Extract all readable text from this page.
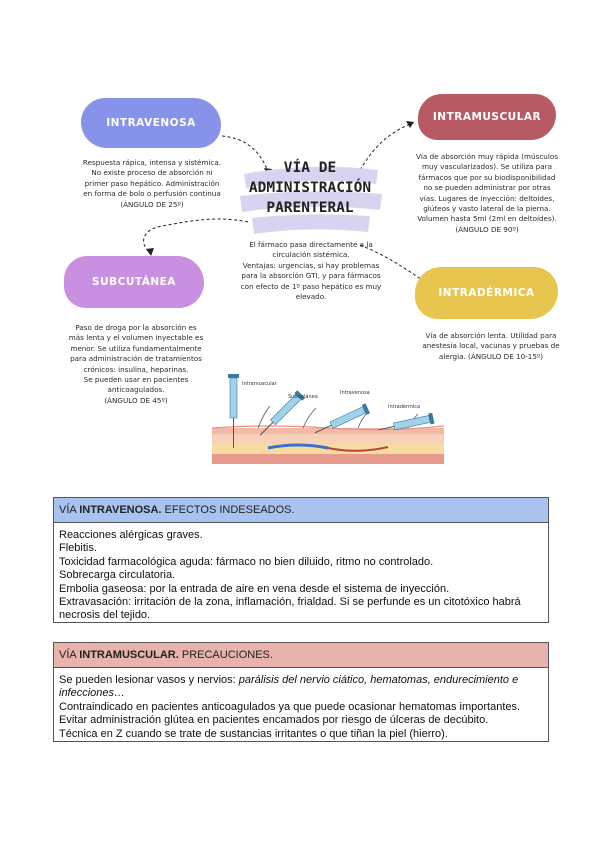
INTRAVENOSA	INTRAMUSCULAR
SUBCUTÁNEA
INTRADÉRMICA
Respuesta rápica, intensa y sistémica.
No existe proceso de absorción ni
primer paso hepático. Administración
en forma de bolo o perfusión continua
(ÁNGULO DE 25º)
Vía de absorción muy rápida (músculos
muy vascularizados). Se utiliza para
fármacos que por su biodisponibilidad
no se pueden administrar por otras
vías. Lugares de inyección: deltoides,
glúteos y vasto lateral de la pierna.
Volumen hasta 5ml (2ml en deltoides).
(ÁNGULO DE 90º)
Paso de droga por la absorción es
más lenta y el volumen inyectable es
menor. Se utiliza fundamentalmente
para administración de tratamientos
crónicos: insulina, heparinas.
Se pueden usar en pacientes
anticoagulados.
(ÁNGULO DE 45º)
Vía de absorción lenta. Utilidad para
anestesia local, vacunas y pruebas de
alergia. (ÁNGULO DE 10-15º)
VÍA DE
ADMINISTRACIÓN
PARENTERAL
El fármaco pasa directamente a la
circulación sistémica.
Ventajas: urgencias, si hay problemas
para la absorción GTI, y para fármacos
con efecto de 1º paso hepático es muy
elevado.
Intramuscular
Subcutánea
Intravenosa
Intradérmica
VÍA INTRAVENOSA. EFECTOS INDESEADOS.
Reacciones alérgicas graves.
Flebitis.
Toxicidad farmacológica aguda: fármaco no bien diluido, ritmo no controlado.
Sobrecarga circulatoria.
Embolia gaseosa: por la entrada de aire en vena desde el sistema de inyección.
Extravasación: irritación de la zona, inflamación, frialdad. Si se perfunde es un citotóxico habrá
necrosis del tejido.
VÍA INTRAMUSCULAR. PRECAUCIONES.
Se pueden lesionar vasos y nervios: parálisis del nervio ciático, hematomas, endurecimiento e
infecciones…
Contraindicado en pacientes anticoagulados ya que puede ocasionar hematomas importantes.
Evitar administración glútea en pacientes encamados por riesgo de úlceras de decúbito.
Técnica en Z cuando se trate de sustancias irritantes o que tiñan la piel (hierro).
